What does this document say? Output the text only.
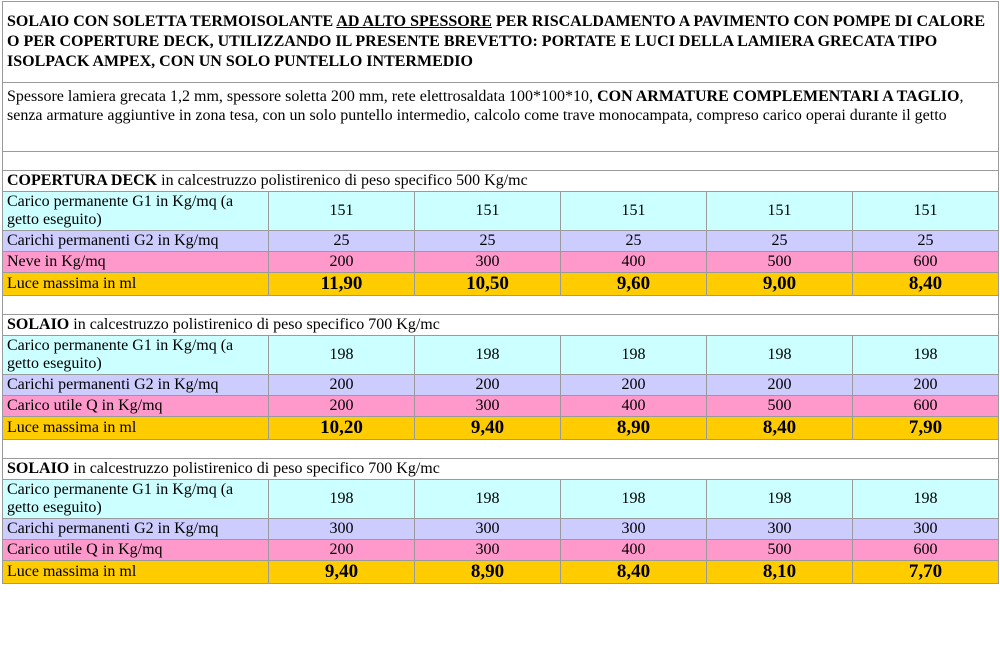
SOLAIO CON SOLETTA TERMOISOLANTE AD ALTO SPESSORE PER RISCALDAMENTO A PAVIMENTO CON POMPE DI CALORE O PER COPERTURE DECK, UTILIZZANDO IL PRESENTE BREVETTO: PORTATE E LUCI DELLA LAMIERA GRECATA TIPO ISOLPACK AMPEX, CON UN SOLO PUNTELLO INTERMEDIO					
Spessore lamiera grecata 1,2 mm, spessore soletta 200 mm, rete elettrosaldata 100*100*10, CON ARMATURE COMPLEMENTARI A TAGLIO, senza armature aggiuntive in zona tesa, con un solo puntello intermedio, calcolo come trave monocampata, compreso carico operai durante il getto					

COPERTURA DECK in calcestruzzo polistirenico di peso specifico 500 Kg/mc					
Carico permanente G1 in Kg/mq (a getto eseguito)	151	151	151	151	151
Carichi permanenti G2 in Kg/mq	25	25	25	25	25
Neve in Kg/mq	200	300	400	500	600
Luce massima in ml	11,90	10,50	9,60	9,00	8,40

SOLAIO in calcestruzzo polistirenico di peso specifico 700 Kg/mc					
Carico permanente G1 in Kg/mq (a getto eseguito)	198	198	198	198	198
Carichi permanenti G2 in Kg/mq	200	200	200	200	200
Carico utile Q in Kg/mq	200	300	400	500	600
Luce massima in ml	10,20	9,40	8,90	8,40	7,90

SOLAIO in calcestruzzo polistirenico di peso specifico 700 Kg/mc					
Carico permanente G1 in Kg/mq (a getto eseguito)	198	198	198	198	198
Carichi permanenti G2 in Kg/mq	300	300	300	300	300
Carico utile Q in Kg/mq	200	300	400	500	600
Luce massima in ml	9,40	8,90	8,40	8,10	7,70
